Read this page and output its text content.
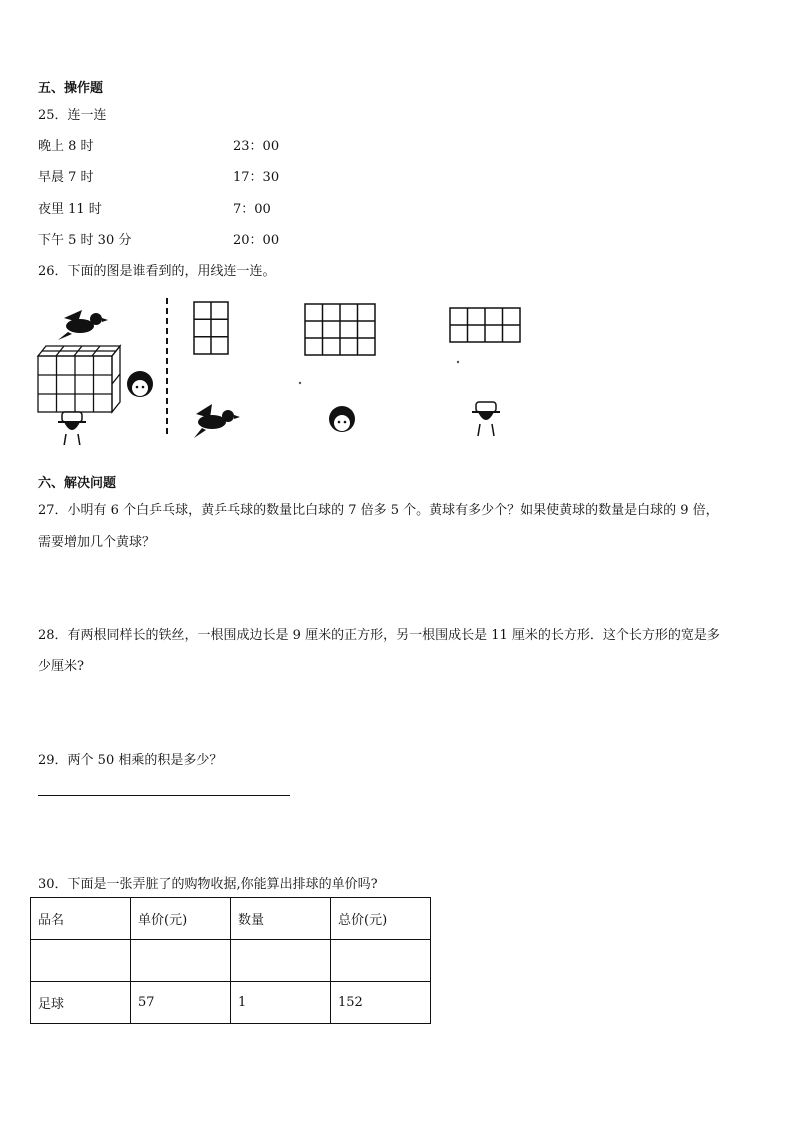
五、操作题
25．连一连
晚上 8 时	23：00
早晨 7 时	17：30
夜里 11 时	7：00
下午 5 时 30 分	20：00
26．下面的图是谁看到的，用线连一连。
六、解决问题
27．小明有 6 个白乒乓球，黄乒乓球的数量比白球的 7 倍多 5 个。黄球有多少个？如果使黄球的数量是白球的 9 倍，
需要增加几个黄球？
28．有两根同样长的铁丝，一根围成边长是 9 厘米的正方形，另一根围成长是 11 厘米的长方形．这个长方形的宽是多
少厘米?
29．两个 50 相乘的积是多少？
30．下面是一张弄脏了的购物收据,你能算出排球的单价吗?
品名	单价(元)	数量	总价(元)

足球	57	1	152
